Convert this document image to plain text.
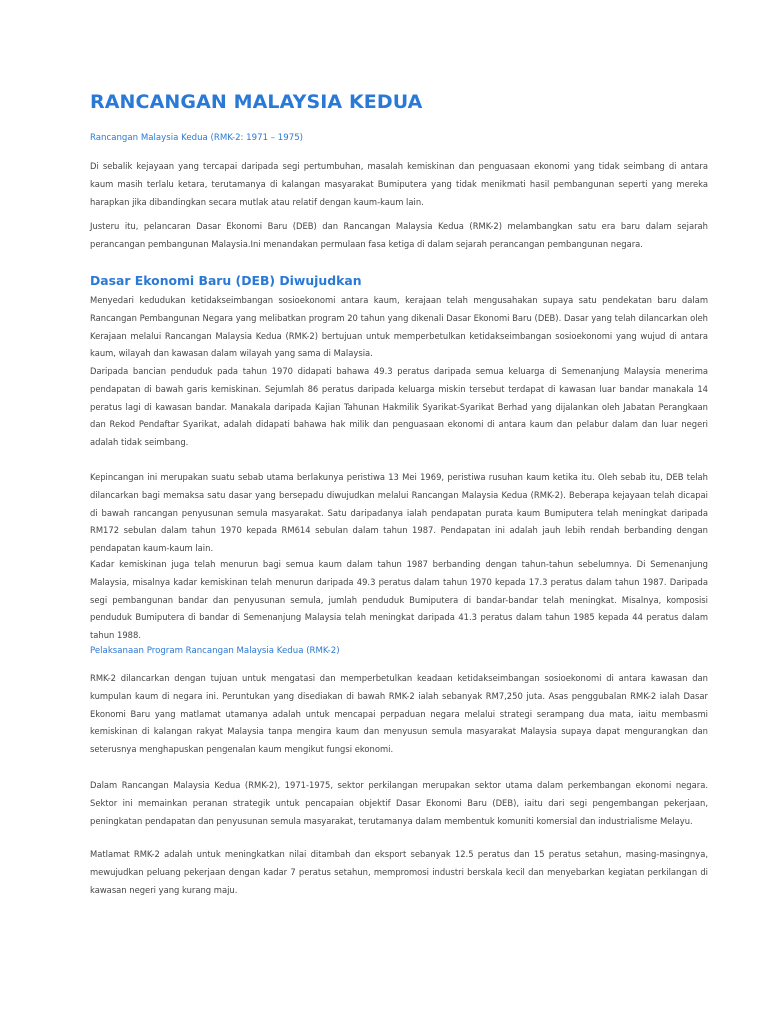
RANCANGAN MALAYSIA KEDUA
Rancangan Malaysia Kedua (RMK-2: 1971 – 1975)

Di sebalik kejayaan yang tercapai daripada segi pertumbuhan, masalah kemiskinan dan penguasaan ekonomi yang tidak seimbang di antara kaum masih terlalu ketara, terutamanya di kalangan masyarakat Bumiputera yang tidak menikmati hasil pembangunan seperti yang mereka harapkan jika dibandingkan secara mutlak atau relatif dengan kaum-kaum lain.

Justeru itu, pelancaran Dasar Ekonomi Baru (DEB) dan Rancangan Malaysia Kedua (RMK-2) melambangkan satu era baru dalam sejarah perancangan pembangunan Malaysia.Ini menandakan permulaan fasa ketiga di dalam sejarah perancangan pembangunan negara.

Dasar Ekonomi Baru (DEB) Diwujudkan

Menyedari kedudukan ketidakseimbangan sosioekonomi antara kaum, kerajaan telah mengusahakan supaya satu pendekatan baru dalam Rancangan Pembangunan Negara yang melibatkan program 20 tahun yang dikenali Dasar Ekonomi Baru (DEB). Dasar yang telah dilancarkan oleh Kerajaan melalui Rancangan Malaysia Kedua (RMK-2) bertujuan untuk memperbetulkan ketidakseimbangan sosioekonomi yang wujud di antara kaum, wilayah dan kawasan dalam wilayah yang sama di Malaysia.

Daripada bancian penduduk pada tahun 1970 didapati bahawa 49.3 peratus daripada semua keluarga di Semenanjung Malaysia menerima pendapatan di bawah garis kemiskinan. Sejumlah 86 peratus daripada keluarga miskin tersebut terdapat di kawasan luar bandar manakala 14 peratus lagi di kawasan bandar. Manakala daripada Kajian Tahunan Hakmilik Syarikat-Syarikat Berhad yang dijalankan oleh Jabatan Perangkaan dan Rekod Pendaftar Syarikat, adalah didapati bahawa hak milik dan penguasaan ekonomi di antara kaum dan pelabur dalam dan luar negeri adalah tidak seimbang.

Kepincangan ini merupakan suatu sebab utama berlakunya peristiwa 13 Mei 1969, peristiwa rusuhan kaum ketika itu. Oleh sebab itu, DEB telah dilancarkan bagi memaksa satu dasar yang bersepadu diwujudkan melalui Rancangan Malaysia Kedua (RMK-2). Beberapa kejayaan telah dicapai di bawah rancangan penyusunan semula masyarakat. Satu daripadanya ialah pendapatan purata kaum Bumiputera telah meningkat daripada RM172 sebulan dalam tahun 1970 kepada RM614 sebulan dalam tahun 1987. Pendapatan ini adalah jauh lebih rendah berbanding dengan pendapatan kaum-kaum lain.

Kadar kemiskinan juga telah menurun bagi semua kaum dalam tahun 1987 berbanding dengan tahun-tahun sebelumnya. Di Semenanjung Malaysia, misalnya kadar kemiskinan telah menurun daripada 49.3 peratus dalam tahun 1970 kepada 17.3 peratus dalam tahun 1987. Daripada segi pembangunan bandar dan penyusunan semula, jumlah penduduk Bumiputera di bandar-bandar telah meningkat. Misalnya, komposisi penduduk Bumiputera di bandar di Semenanjung Malaysia telah meningkat daripada 41.3 peratus dalam tahun 1985 kepada 44 peratus dalam tahun 1988.

Pelaksanaan Program Rancangan Malaysia Kedua (RMK-2)

RMK-2 dilancarkan dengan tujuan untuk mengatasi dan memperbetulkan keadaan ketidakseimbangan sosioekonomi di antara kawasan dan kumpulan kaum di negara ini. Peruntukan yang disediakan di bawah RMK-2 ialah sebanyak RM7,250 juta. Asas penggubalan RMK-2 ialah Dasar Ekonomi Baru yang matlamat utamanya adalah untuk mencapai perpaduan negara melalui strategi serampang dua mata, iaitu membasmi kemiskinan di kalangan rakyat Malaysia tanpa mengira kaum dan menyusun semula masyarakat Malaysia supaya dapat mengurangkan dan seterusnya menghapuskan pengenalan kaum mengikut fungsi ekonomi.

Dalam Rancangan Malaysia Kedua (RMK-2), 1971-1975, sektor perkilangan merupakan sektor utama dalam perkembangan ekonomi negara. Sektor ini memainkan peranan strategik untuk pencapaian objektif Dasar Ekonomi Baru (DEB), iaitu dari segi pengembangan pekerjaan, peningkatan pendapatan dan penyusunan semula masyarakat, terutamanya dalam membentuk komuniti komersial dan industrialisme Melayu.

Matlamat RMK-2 adalah untuk meningkatkan nilai ditambah dan eksport sebanyak 12.5 peratus dan 15 peratus setahun, masing-masingnya, mewujudkan peluang pekerjaan dengan kadar 7 peratus setahun, mempromosi industri berskala kecil dan menyebarkan kegiatan perkilangan di kawasan negeri yang kurang maju.
